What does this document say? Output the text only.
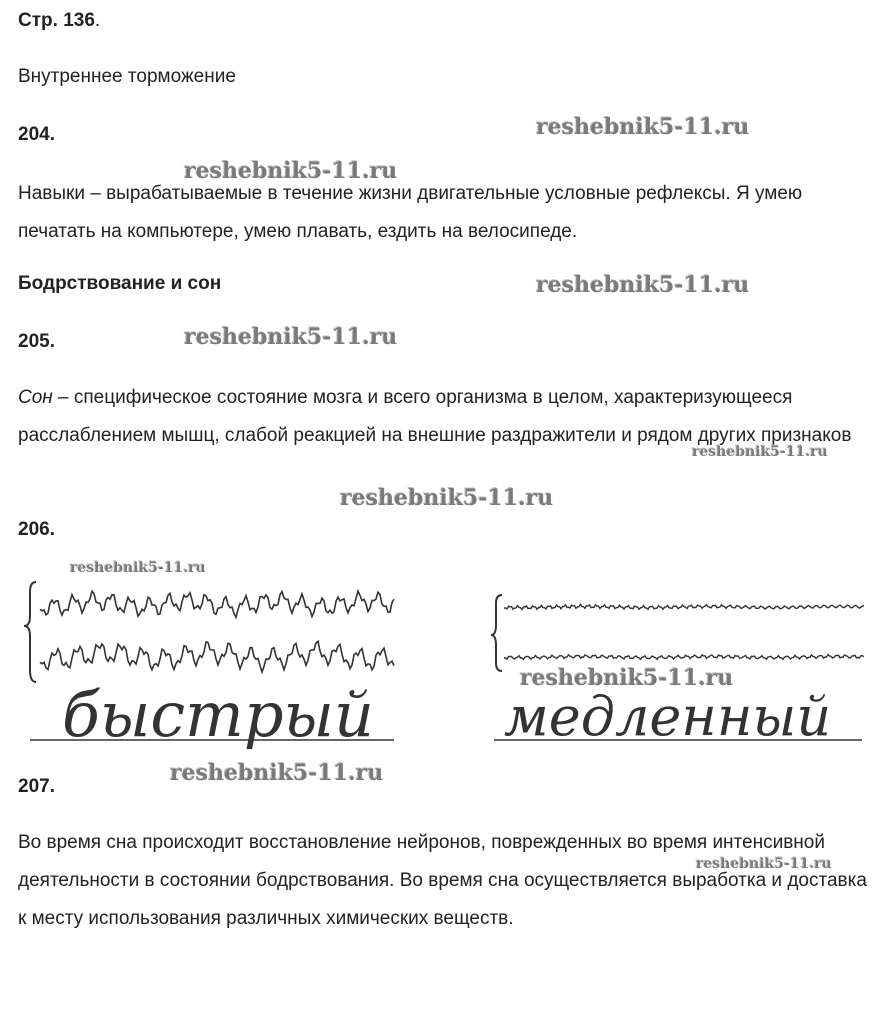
Стр. 136.
Внутреннее торможение
204.	reshebnik5-11.ru
reshebnik5-11.ru

Навыки – вырабатываемые в течение жизни двигательные условные рефлексы. Я умею печатать на компьютере, умею плавать, ездить на велосипеде.

Бодрствование и сон	reshebnik5-11.ru
205.	reshebnik5-11.ru

Сон – специфическое состояние мозга и всего организма в целом, характеризующееся расслаблением мышц, слабой реакцией на внешние раздражители и рядом других признаков

reshebnik5-11.ru
reshebnik5-11.ru
206.
reshebnik5-11.ru
быстрый медленный
reshebnik5-11.ru
207.
reshebnik5-11.ru

Во время сна происходит восстановление нейронов, поврежденных во время интенсивной деятельности в состоянии бодрствования. Во время сна осуществляется выработка и доставка к месту использования различных химических веществ.

reshebnik5-11.ru
